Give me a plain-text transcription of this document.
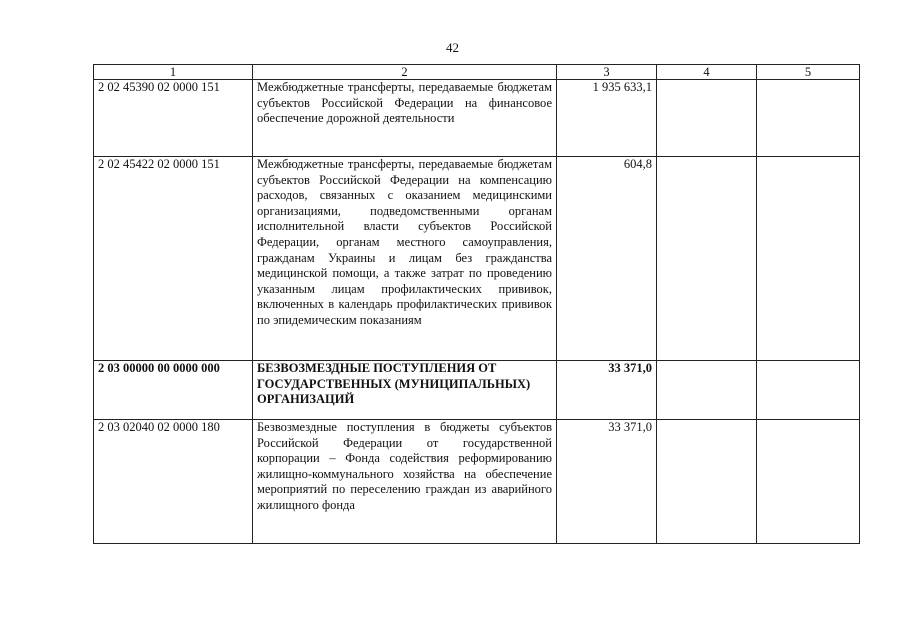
42
1	2	3	4	5
2 02 45390 02 0000 151	Межбюджетные трансферты, передаваемые бюджетам субъектов Российской Федерации на финансовое обеспечение дорожной деятельности	1 935 633,1		
2 02 45422 02 0000 151	Межбюджетные трансферты, передаваемые бюджетам субъектов Российской Федерации на компенсацию расходов, связанных с оказанием медицинскими организациями, подведомственными органам исполнительной власти субъектов Российской Федерации, органам местного самоуправления, гражданам Украины и лицам без гражданства медицинской помощи, а также затрат по проведению указанным лицам профилактических прививок, включенных в календарь профилактических прививок по эпидемическим показаниям	604,8		
2 03 00000 00 0000 000	БЕЗВОЗМЕЗДНЫЕ ПОСТУПЛЕНИЯ ОТ ГОСУДАРСТВЕННЫХ (МУНИЦИПАЛЬНЫХ) ОРГАНИЗАЦИЙ	33 371,0		
2 03 02040 02 0000 180	Безвозмездные поступления в бюджеты субъектов Российской Федерации от государственной корпорации – Фонда содействия реформированию жилищно-коммунального хозяйства на обеспечение мероприятий по переселению граждан из аварийного жилищного фонда	33 371,0		
